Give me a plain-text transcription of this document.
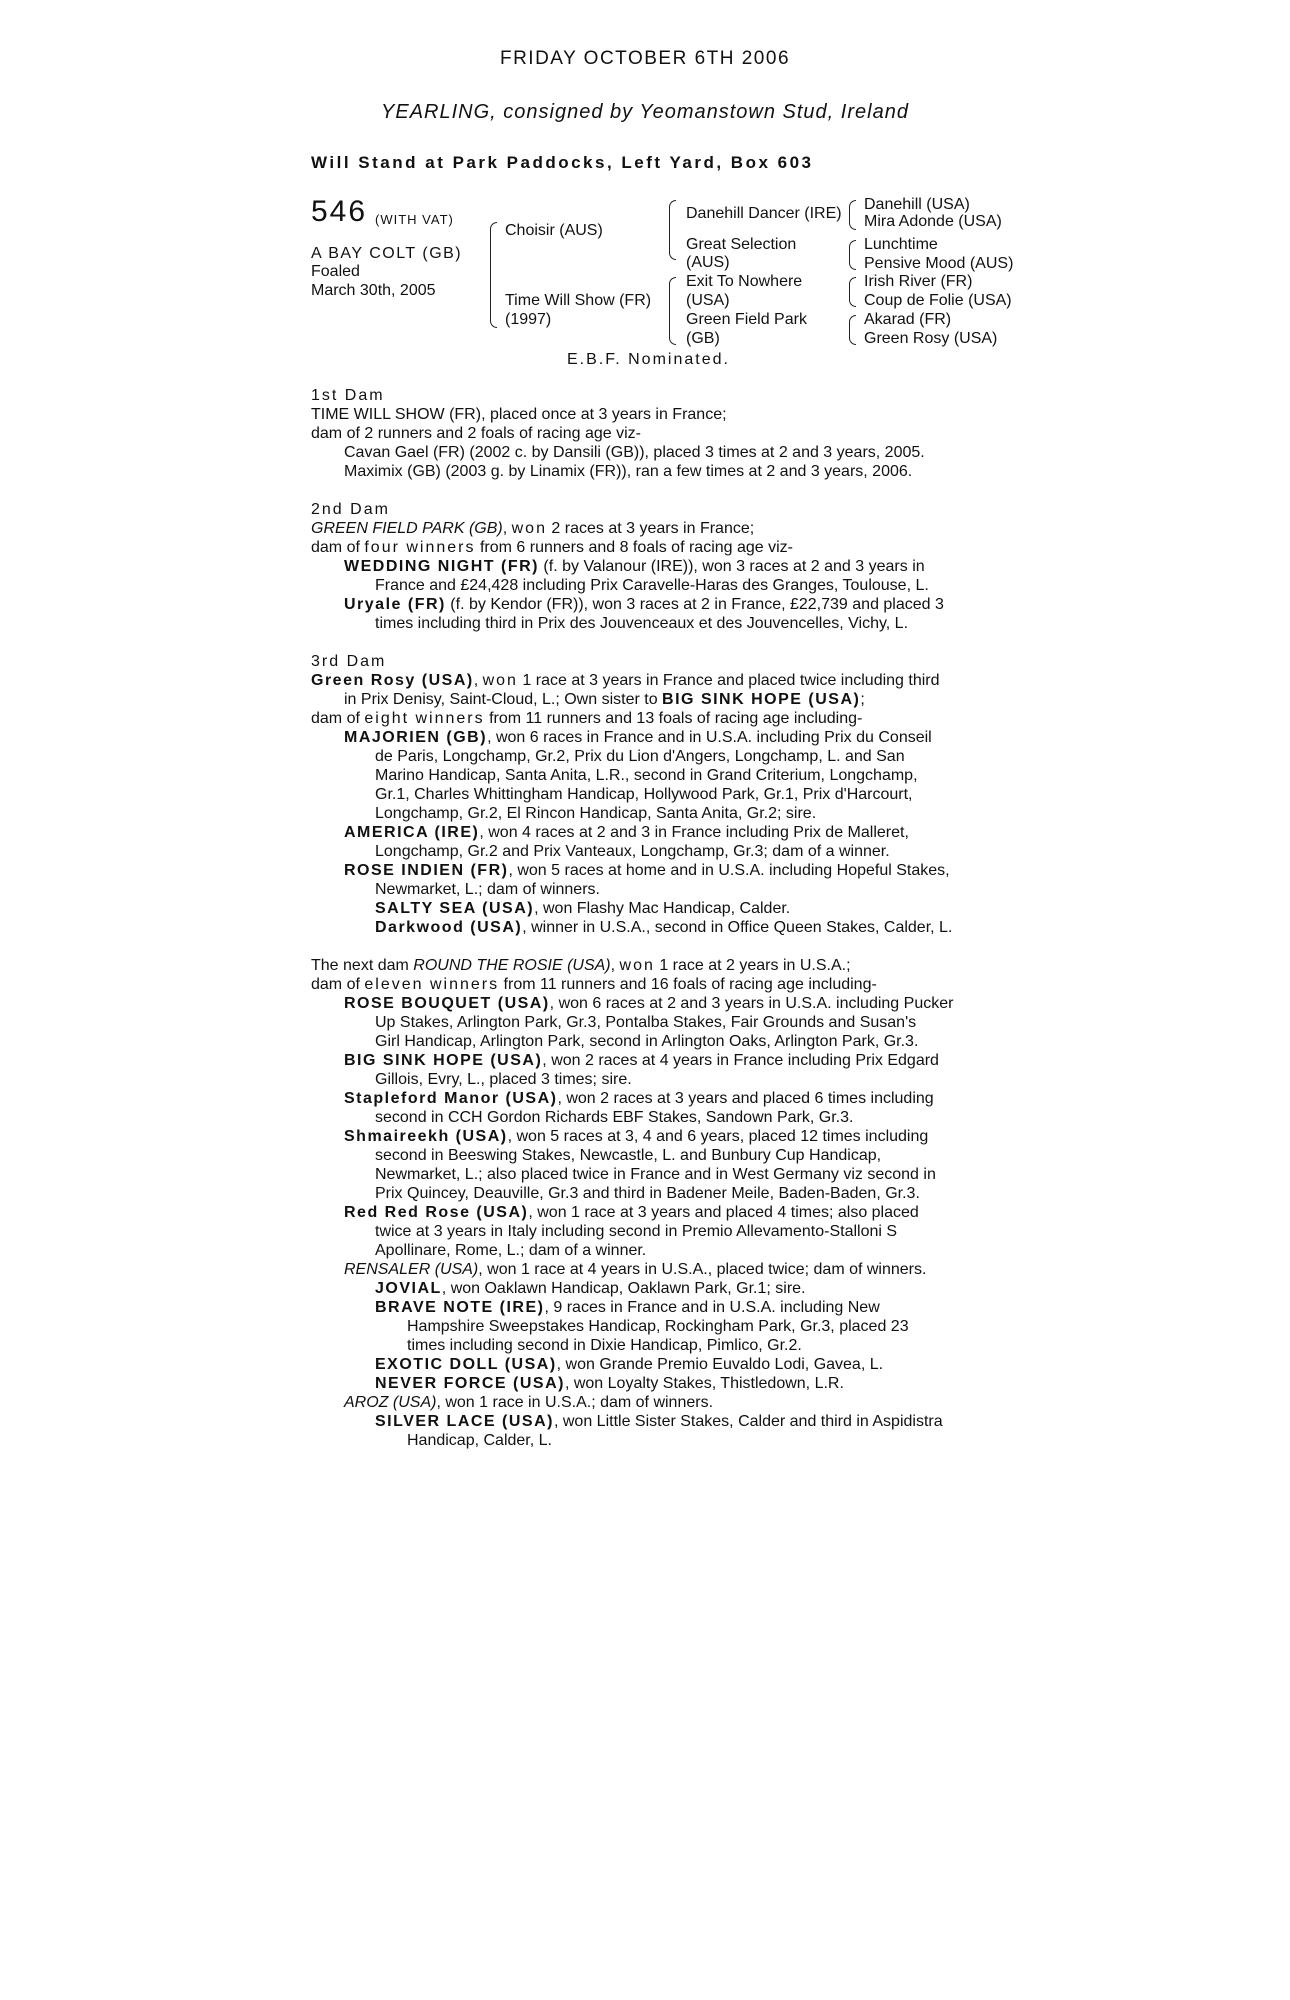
FRIDAY OCTOBER 6TH 2006
YEARLING, consigned by Yeomanstown Stud, Ireland
Will Stand at Park Paddocks, Left Yard, Box 603
546 (WITH VAT)
A BAY COLT (GB)
Foaled
March 30th, 2005
Choisir (AUS)
Time Will Show (FR)
(1997)
Danehill Dancer (IRE)
Great Selection
(AUS)
Exit To Nowhere
(USA)
Green Field Park
(GB)
Danehill (USA)
Mira Adonde (USA)
Lunchtime
Pensive Mood (AUS)
Irish River (FR)
Coup de Folie (USA)
Akarad (FR)
Green Rosy (USA)
E.B.F. Nominated.
1st Dam
TIME WILL SHOW (FR), placed once at 3 years in France;
dam of 2 runners and 2 foals of racing age viz-
Cavan Gael (FR) (2002 c. by Dansili (GB)), placed 3 times at 2 and 3 years, 2005.
Maximix (GB) (2003 g. by Linamix (FR)), ran a few times at 2 and 3 years, 2006.
2nd Dam
GREEN FIELD PARK (GB), won 2 races at 3 years in France;
dam of four winners from 6 runners and 8 foals of racing age viz-
WEDDING NIGHT (FR) (f. by Valanour (IRE)), won 3 races at 2 and 3 years in
France and £24,428 including Prix Caravelle-Haras des Granges, Toulouse, L.
Uryale (FR) (f. by Kendor (FR)), won 3 races at 2 in France, £22,739 and placed 3
times including third in Prix des Jouvenceaux et des Jouvencelles, Vichy, L.
3rd Dam
Green Rosy (USA), won 1 race at 3 years in France and placed twice including third
in Prix Denisy, Saint-Cloud, L.; Own sister to BIG SINK HOPE (USA);
dam of eight winners from 11 runners and 13 foals of racing age including-
MAJORIEN (GB), won 6 races in France and in U.S.A. including Prix du Conseil
de Paris, Longchamp, Gr.2, Prix du Lion d'Angers, Longchamp, L. and San
Marino Handicap, Santa Anita, L.R., second in Grand Criterium, Longchamp,
Gr.1, Charles Whittingham Handicap, Hollywood Park, Gr.1, Prix d'Harcourt,
Longchamp, Gr.2, El Rincon Handicap, Santa Anita, Gr.2; sire.
AMERICA (IRE), won 4 races at 2 and 3 in France including Prix de Malleret,
Longchamp, Gr.2 and Prix Vanteaux, Longchamp, Gr.3; dam of a winner.
ROSE INDIEN (FR), won 5 races at home and in U.S.A. including Hopeful Stakes,
Newmarket, L.; dam of winners.
SALTY SEA (USA), won Flashy Mac Handicap, Calder.
Darkwood (USA), winner in U.S.A., second in Office Queen Stakes, Calder, L.
The next dam ROUND THE ROSIE (USA), won 1 race at 2 years in U.S.A.;
dam of eleven winners from 11 runners and 16 foals of racing age including-
ROSE BOUQUET (USA), won 6 races at 2 and 3 years in U.S.A. including Pucker
Up Stakes, Arlington Park, Gr.3, Pontalba Stakes, Fair Grounds and Susan's
Girl Handicap, Arlington Park, second in Arlington Oaks, Arlington Park, Gr.3.
BIG SINK HOPE (USA), won 2 races at 4 years in France including Prix Edgard
Gillois, Evry, L., placed 3 times; sire.
Stapleford Manor (USA), won 2 races at 3 years and placed 6 times including
second in CCH Gordon Richards EBF Stakes, Sandown Park, Gr.3.
Shmaireekh (USA), won 5 races at 3, 4 and 6 years, placed 12 times including
second in Beeswing Stakes, Newcastle, L. and Bunbury Cup Handicap,
Newmarket, L.; also placed twice in France and in West Germany viz second in
Prix Quincey, Deauville, Gr.3 and third in Badener Meile, Baden-Baden, Gr.3.
Red Red Rose (USA), won 1 race at 3 years and placed 4 times; also placed
twice at 3 years in Italy including second in Premio Allevamento-Stalloni S
Apollinare, Rome, L.; dam of a winner.
RENSALER (USA), won 1 race at 4 years in U.S.A., placed twice; dam of winners.
JOVIAL, won Oaklawn Handicap, Oaklawn Park, Gr.1; sire.
BRAVE NOTE (IRE), 9 races in France and in U.S.A. including New
Hampshire Sweepstakes Handicap, Rockingham Park, Gr.3, placed 23
times including second in Dixie Handicap, Pimlico, Gr.2.
EXOTIC DOLL (USA), won Grande Premio Euvaldo Lodi, Gavea, L.
NEVER FORCE (USA), won Loyalty Stakes, Thistledown, L.R.
AROZ (USA), won 1 race in U.S.A.; dam of winners.
SILVER LACE (USA), won Little Sister Stakes, Calder and third in Aspidistra
Handicap, Calder, L.
